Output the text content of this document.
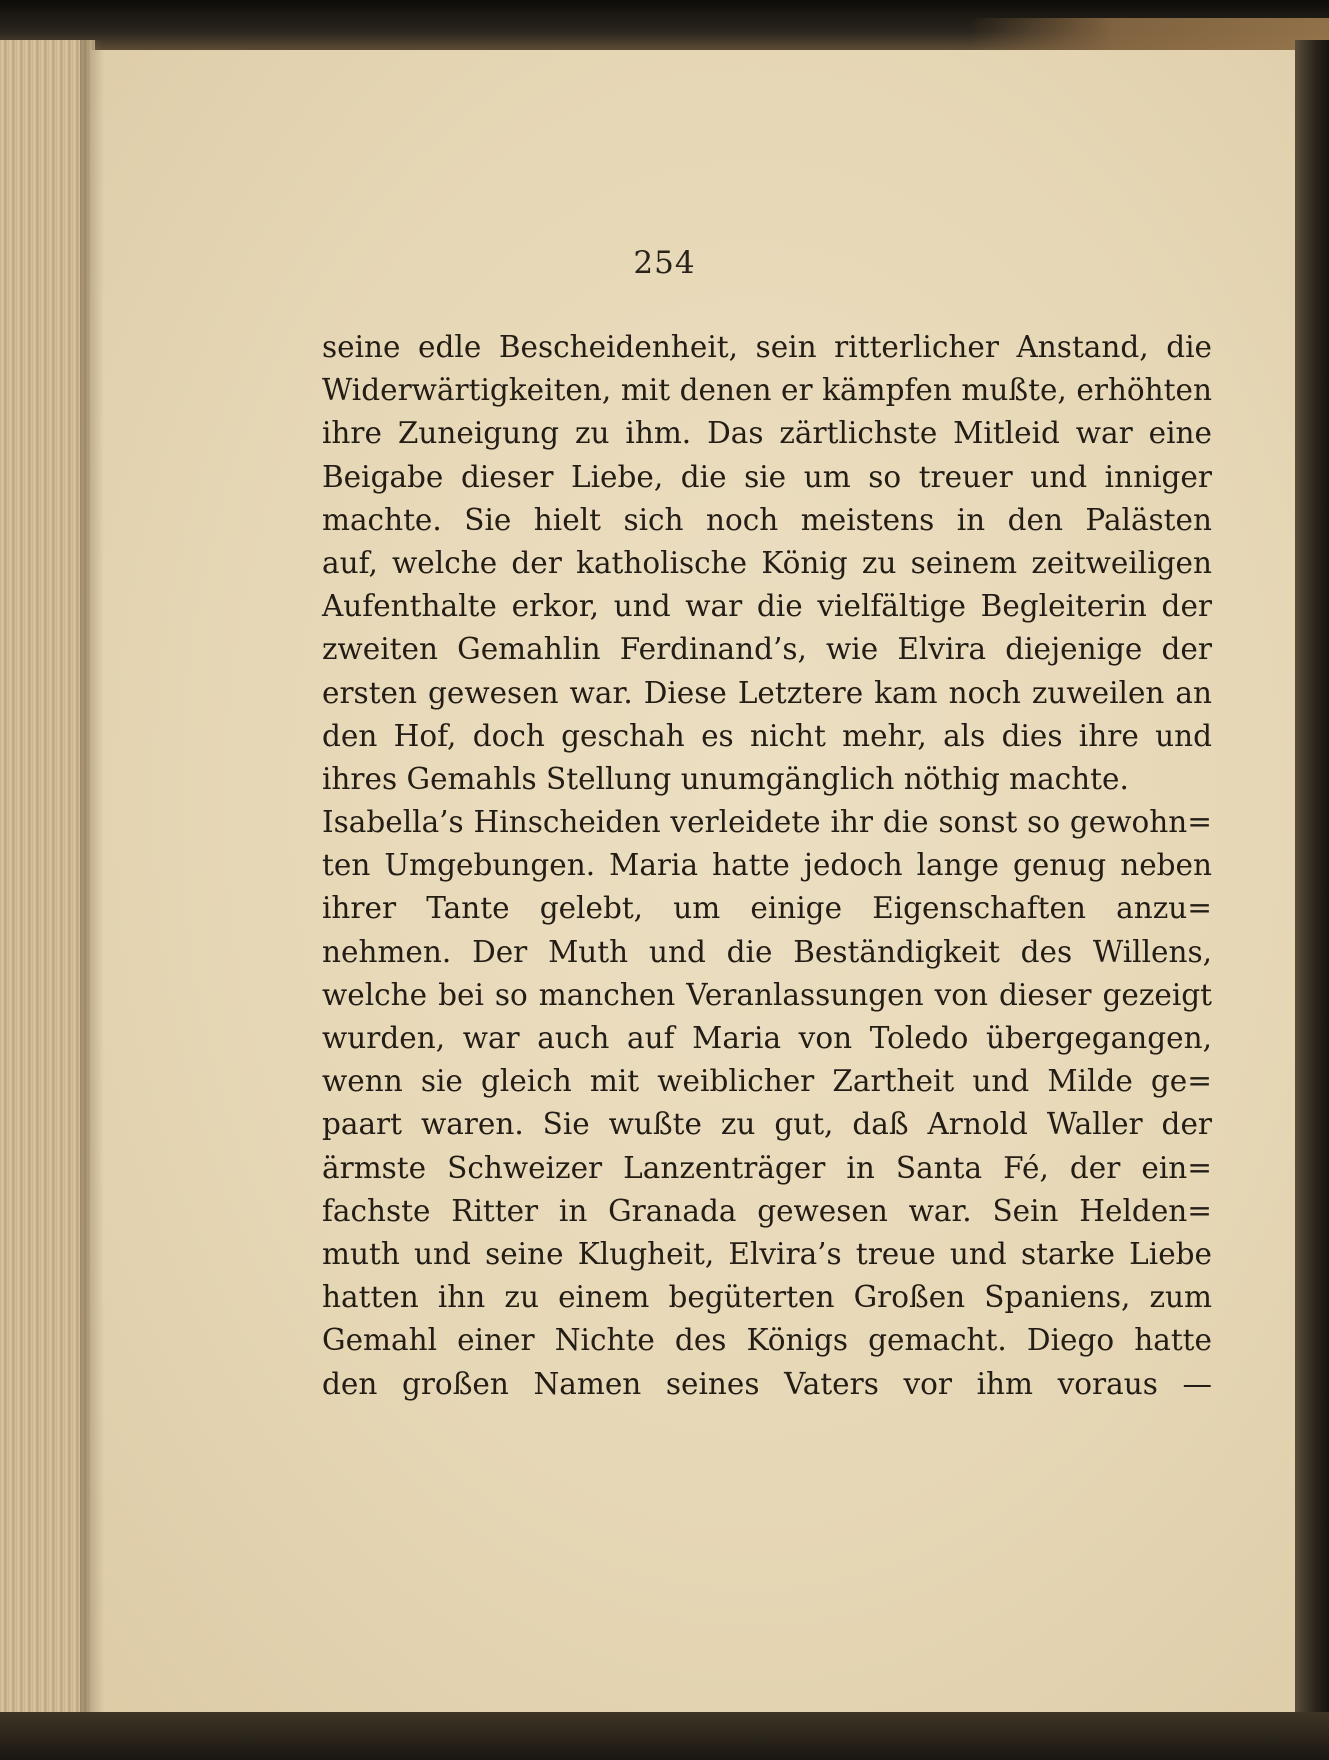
254
seine edle Bescheidenheit, sein ritterlicher Anstand, die
Widerwärtigkeiten, mit denen er kämpfen mußte, erhöhten
ihre Zuneigung zu ihm. Das zärtlichste Mitleid war eine
Beigabe dieser Liebe, die sie um so treuer und inniger
machte. Sie hielt sich noch meistens in den Palästen
auf, welche der katholische König zu seinem zeitweiligen
Aufenthalte erkor, und war die vielfältige Begleiterin der
zweiten Gemahlin Ferdinand’s, wie Elvira diejenige der
ersten gewesen war. Diese Letztere kam noch zuweilen an
den Hof, doch geschah es nicht mehr, als dies ihre und
ihres Gemahls Stellung unumgänglich nöthig machte.
Isabella’s Hinscheiden verleidete ihr die sonst so gewohn=
ten Umgebungen. Maria hatte jedoch lange genug neben
ihrer Tante gelebt, um einige Eigenschaften anzu=
nehmen. Der Muth und die Beständigkeit des Willens,
welche bei so manchen Veranlassungen von dieser gezeigt
wurden, war auch auf Maria von Toledo übergegangen,
wenn sie gleich mit weiblicher Zartheit und Milde ge=
paart waren. Sie wußte zu gut, daß Arnold Waller der
ärmste Schweizer Lanzenträger in Santa Fé, der ein=
fachste Ritter in Granada gewesen war. Sein Helden=
muth und seine Klugheit, Elvira’s treue und starke Liebe
hatten ihn zu einem begüterten Großen Spaniens, zum
Gemahl einer Nichte des Königs gemacht. Diego hatte
den großen Namen seines Vaters vor ihm voraus —
